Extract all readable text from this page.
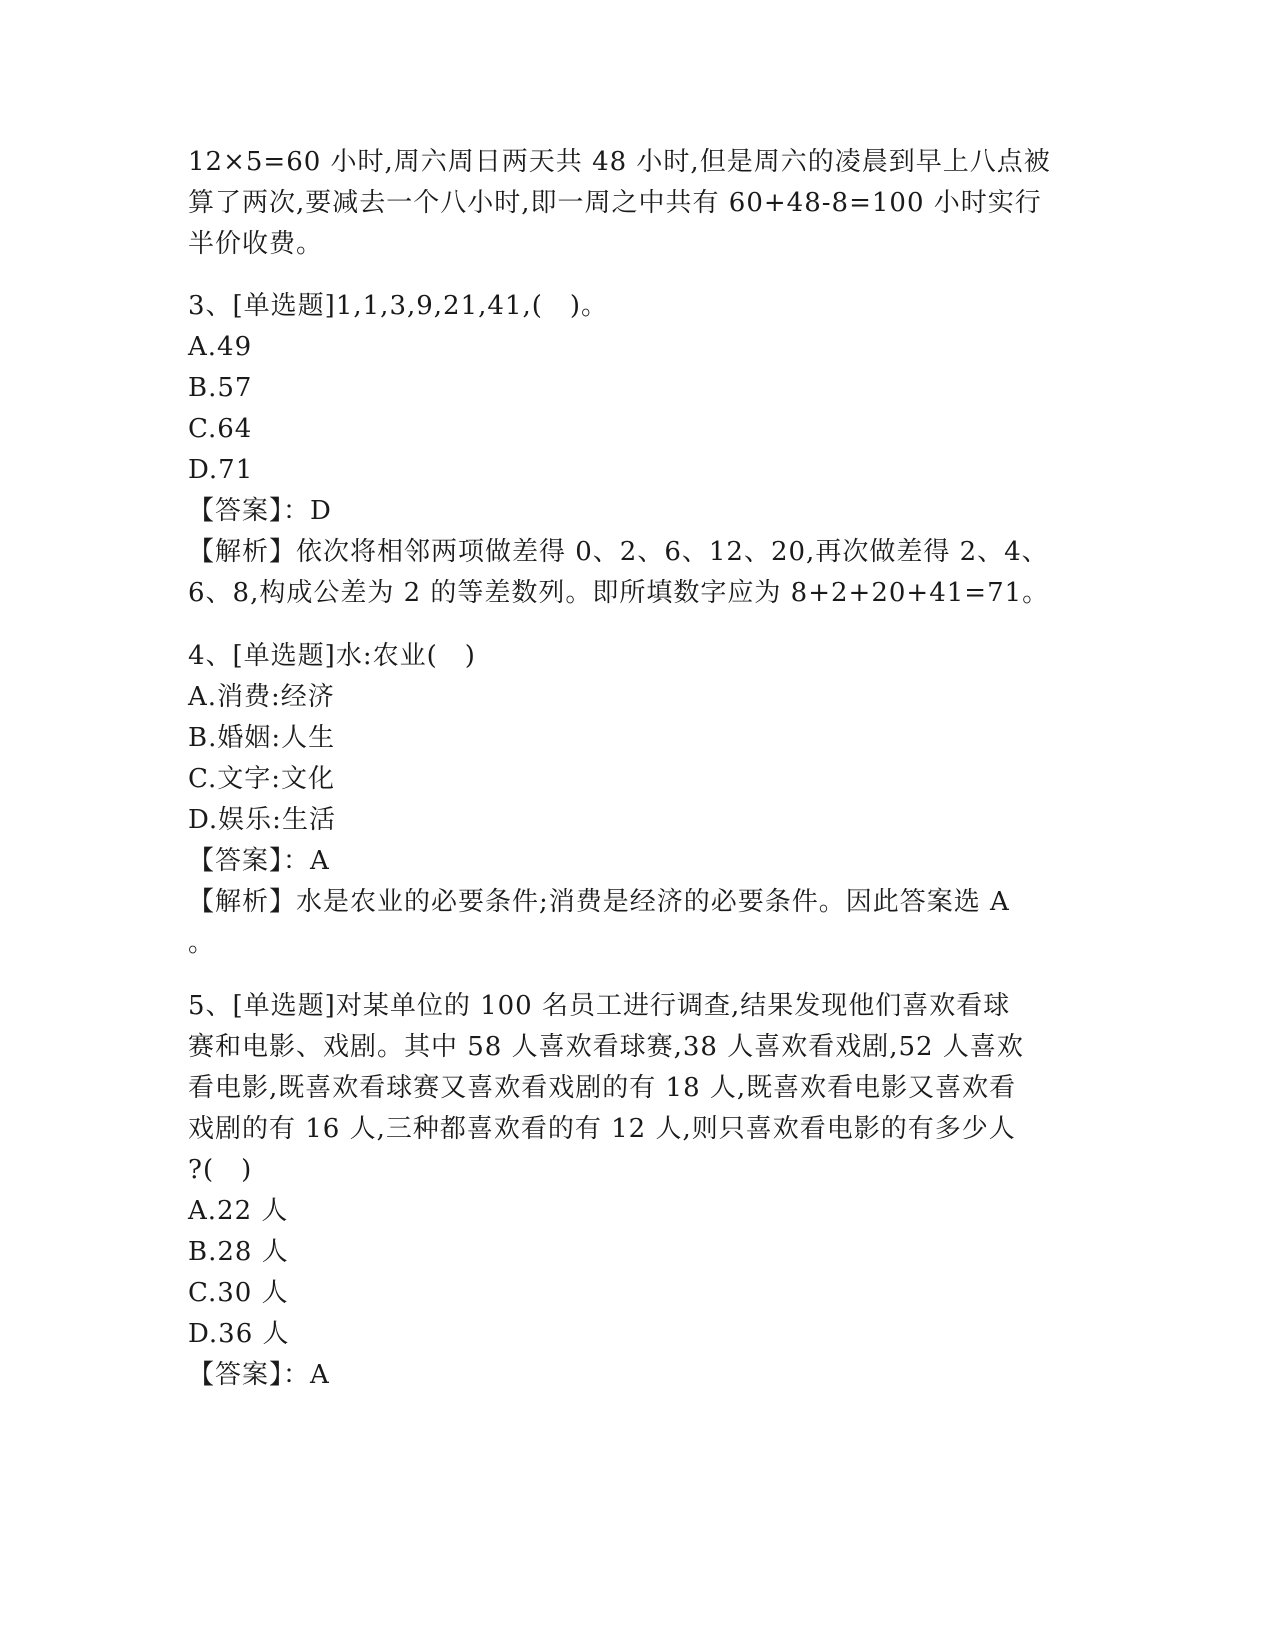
12×5=60 小时,周六周日两天共 48 小时,但是周六的凌晨到早上八点被
算了两次,要减去一个八小时,即一周之中共有 60+48-8=100 小时实行
半价收费。
3、[单选题]1,1,3,9,21,41,(　)。
A.49
B.57
C.64
D.71
【答案】：D
【解析】依次将相邻两项做差得 0、2、6、12、20,再次做差得 2、4、
6、8,构成公差为 2 的等差数列。即所填数字应为 8+2+20+41=71。
4、[单选题]水:农业(　)
A.消费:经济
B.婚姻:人生
C.文字:文化
D.娱乐:生活
【答案】：A
【解析】水是农业的必要条件;消费是经济的必要条件。因此答案选 A
。
5、[单选题]对某单位的 100 名员工进行调查,结果发现他们喜欢看球
赛和电影、戏剧。其中 58 人喜欢看球赛,38 人喜欢看戏剧,52 人喜欢
看电影,既喜欢看球赛又喜欢看戏剧的有 18 人,既喜欢看电影又喜欢看
戏剧的有 16 人,三种都喜欢看的有 12 人,则只喜欢看电影的有多少人
?(　)
A.22 人
B.28 人
C.30 人
D.36 人
【答案】：A
